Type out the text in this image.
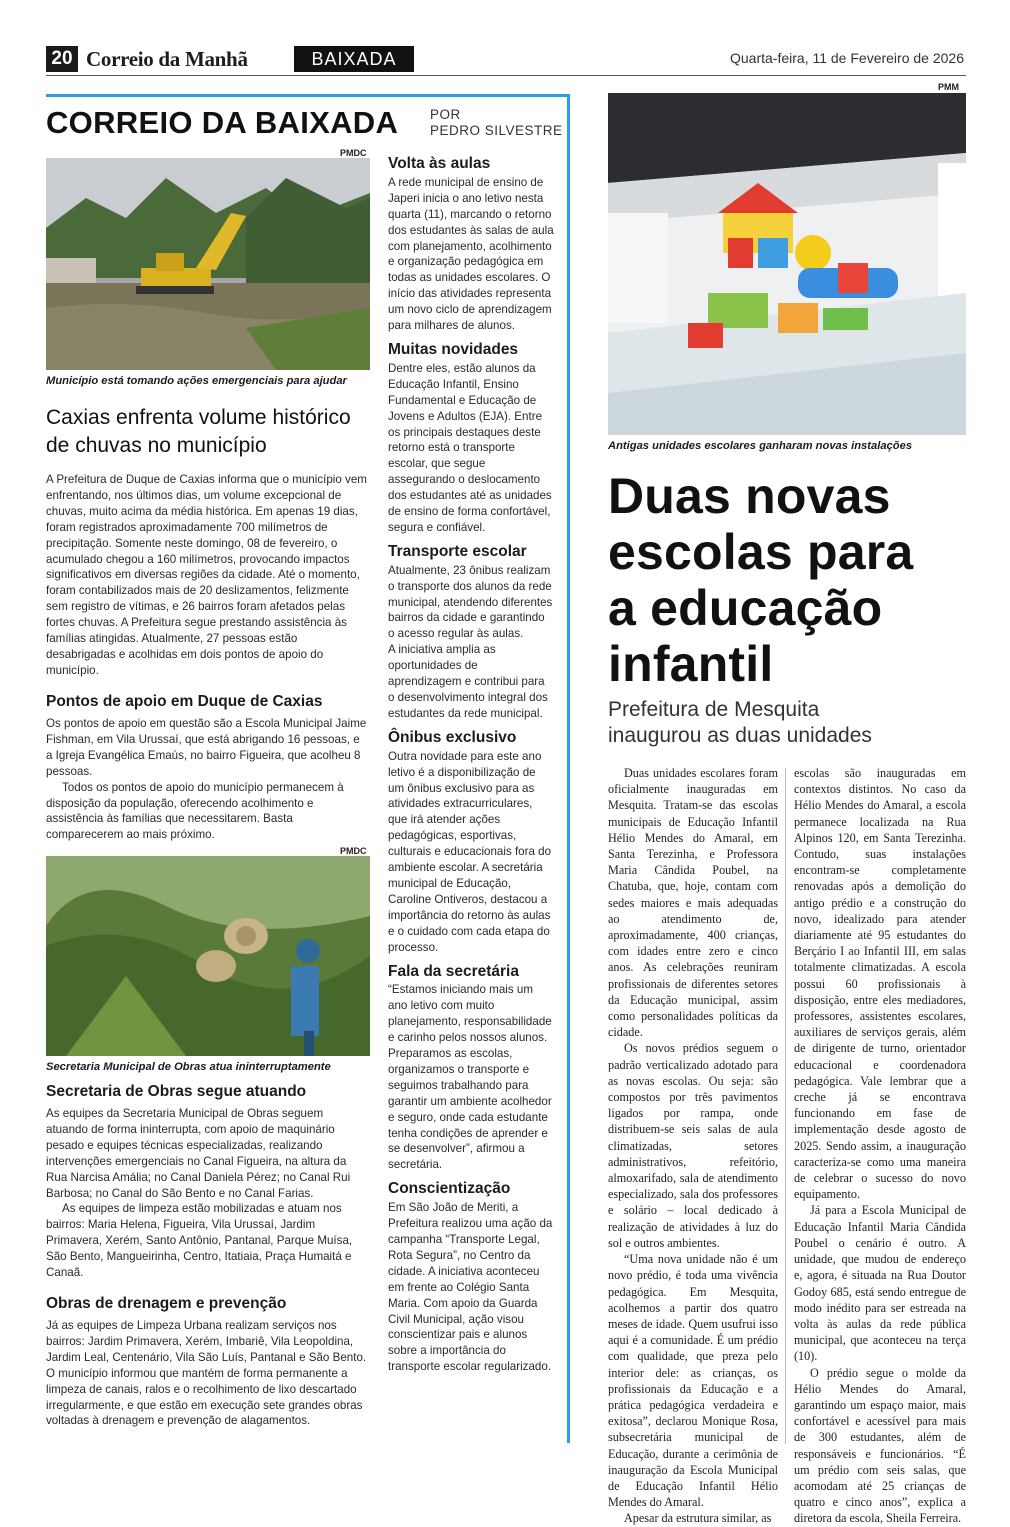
20 Correio da Manhã	BAIXADA	Quarta-feira, 11 de Fevereiro de 2026
CORREIO DA BAIXADA POR
PEDRO SILVESTRE
PMDC
Município está tomando ações emergenciais para ajudar
Caxias enfrenta volume histórico
de chuvas no município

A Prefeitura de Duque de Caxias informa que o município vem enfrentando, nos últimos dias, um volume excepcional de chuvas, muito acima da média histórica. Em apenas 19 dias, foram registrados aproximadamente 700 milímetros de precipitação. Somente neste domingo, 08 de fevereiro, o acumulado chegou a 160 milímetros, provocando impactos significativos em diversas regiões da cidade. Até o momento, foram contabilizados mais de 20 deslizamentos, felizmente sem registro de vítimas, e 26 bairros foram afetados pelas fortes chuvas. A Prefeitura segue prestando assistência às famílias atingidas. Atualmente, 27 pessoas estão desabrigadas e acolhidas em dois pontos de apoio do município.

Pontos de apoio em Duque de Caxias

Os pontos de apoio em questão são a Escola Municipal Jaime Fishman, em Vila Urussaí, que está abrigando 16 pessoas, e a Igreja Evangélica Emaús, no bairro Figueira, que acolheu 8 pessoas.

Todos os pontos de apoio do município permanecem à disposição da população, oferecendo acolhimento e assistência às famílias que necessitarem. Basta comparecerem ao mais próximo.

PMDC
Secretaria Municipal de Obras atua ininterruptamente
Secretaria de Obras segue atuando

As equipes da Secretaria Municipal de Obras seguem atuando de forma ininterrupta, com apoio de maquinário pesado e equipes técnicas especializadas, realizando intervenções emergenciais no Canal Figueira, na altura da Rua Narcisa Amália; no Canal Daniela Pérez; no Canal Rui Barbosa; no Canal do São Bento e no Canal Farias.

As equipes de limpeza estão mobilizadas e atuam nos bairros: Maria Helena, Figueira, Vila Urussaí, Jardim Primavera, Xerém, Santo Antônio, Pantanal, Parque Muísa, São Bento, Mangueirinha, Centro, Itatiaia, Praça Humaitá e Canaã.

Obras de drenagem e prevenção

Já as equipes de Limpeza Urbana realizam serviços nos bairros: Jardim Primavera, Xerém, Imbariê, Vila Leopoldina, Jardim Leal, Centenário, Vila São Luís, Pantanal e São Bento. O município informou que mantém de forma permanente a limpeza de canais, ralos e o recolhimento de lixo descartado irregularmente, e que estão em execução sete grandes obras voltadas à drenagem e prevenção de alagamentos.

Volta às aulas

A rede municipal de ensino de Japeri inicia o ano letivo nesta quarta (11), marcando o retorno dos estudantes às salas de aula com planejamento, acolhimento e organização pedagógica em todas as unidades escolares. O início das atividades representa um novo ciclo de aprendizagem para milhares de alunos.

Muitas novidades

Dentre eles, estão alunos da Educação Infantil, Ensino Fundamental e Educação de Jovens e Adultos (EJA). Entre os principais destaques deste retorno está o transporte escolar, que segue assegurando o deslocamento dos estudantes até as unidades de ensino de forma confortável, segura e confiável.

Transporte escolar

Atualmente, 23 ônibus realizam o transporte dos alunos da rede municipal, atendendo diferentes bairros da cidade e garantindo o acesso regular às aulas.

A iniciativa amplia as oportunidades de aprendizagem e contribui para o desenvolvimento integral dos estudantes da rede municipal.

Ônibus exclusivo

Outra novidade para este ano letivo é a disponibilização de um ônibus exclusivo para as atividades extracurriculares, que irá atender ações pedagógicas, esportivas, culturais e educacionais fora do ambiente escolar. A secretária municipal de Educação, Caroline Ontiveros, destacou a importância do retorno às aulas e o cuidado com cada etapa do processo.

Fala da secretária

“Estamos iniciando mais um ano letivo com muito planejamento, responsabilidade e carinho pelos nossos alunos. Preparamos as escolas, organizamos o transporte e seguimos trabalhando para garantir um ambiente acolhedor e seguro, onde cada estudante tenha condições de aprender e se desenvolver”, afirmou a secretária.

Conscientização

Em São João de Meriti, a Prefeitura realizou uma ação da campanha “Transporte Legal, Rota Segura”, no Centro da cidade. A iniciativa aconteceu em frente ao Colégio Santa Maria. Com apoio da Guarda Civil Municipal, ação visou conscientizar pais e alunos sobre a importância do transporte escolar regularizado.

PMM
Antigas unidades escolares ganharam novas instalações
Duas novas
escolas para
a educação
infantil
Prefeitura de Mesquita
inaugurou as duas unidades

Duas unidades escolares foram oficialmente inauguradas em Mesquita. Tratam-se das escolas municipais de Educação Infantil Hélio Mendes do Amaral, em Santa Terezinha, e Professora Maria Cândida Poubel, na Chatuba, que, hoje, contam com sedes maiores e mais adequadas ao atendimento de, aproximadamente, 400 crianças, com idades entre zero e cinco anos. As celebrações reuniram profissionais de diferentes setores da Educação municipal, assim como personalidades políticas da cidade.

Os novos prédios seguem o padrão verticalizado adotado para as novas escolas. Ou seja: são compostos por três pavimentos ligados por rampa, onde distribuem-se seis salas de aula climatizadas, setores administrativos, refeitório, almoxarifado, sala de atendimento especializado, sala dos professores e solário – local dedicado à realização de atividades à luz do sol e outros ambientes.

“Uma nova unidade não é um novo prédio, é toda uma vivência pedagógica. Em Mesquita, acolhemos a partir dos quatro meses de idade. Quem usufrui isso aqui é a comunidade. É um prédio com qualidade, que preza pelo interior dele: as crianças, os profissionais da Educação e a prática pedagógica verdadeira e exitosa”, declarou Monique Rosa, subsecretária municipal de Educação, durante a cerimônia de inauguração da Escola Municipal de Educação Infantil Hélio Mendes do Amaral.

Apesar da estrutura similar, as

escolas são inauguradas em contextos distintos. No caso da Hélio Mendes do Amaral, a escola permanece localizada na Rua Alpinos 120, em Santa Terezinha. Contudo, suas instalações encontram-se completamente renovadas após a demolição do antigo prédio e a construção do novo, idealizado para atender diariamente até 95 estudantes do Berçário I ao Infantil III, em salas totalmente climatizadas. A escola possui 60 profissionais à disposição, entre eles mediadores, professores, assistentes escolares, auxiliares de serviços gerais, além de dirigente de turno, orientador educacional e coordenadora pedagógica. Vale lembrar que a creche já se encontrava funcionando em fase de implementação desde agosto de 2025. Sendo assim, a inauguração caracteriza-se como uma maneira de celebrar o sucesso do novo equipamento.

Já para a Escola Municipal de Educação Infantil Maria Cândida Poubel o cenário é outro. A unidade, que mudou de endereço e, agora, é situada na Rua Doutor Godoy 685, está sendo entregue de modo inédito para ser estreada na volta às aulas da rede pública municipal, que aconteceu na terça (10).

O prédio segue o molde da Hélio Mendes do Amaral, garantindo um espaço maior, mais confortável e acessível para mais de 300 estudantes, além de responsáveis e funcionários. “É um prédio com seis salas, que acomodam até 25 crianças de quatro e cinco anos”, explica a diretora da escola, Sheila Ferreira.
